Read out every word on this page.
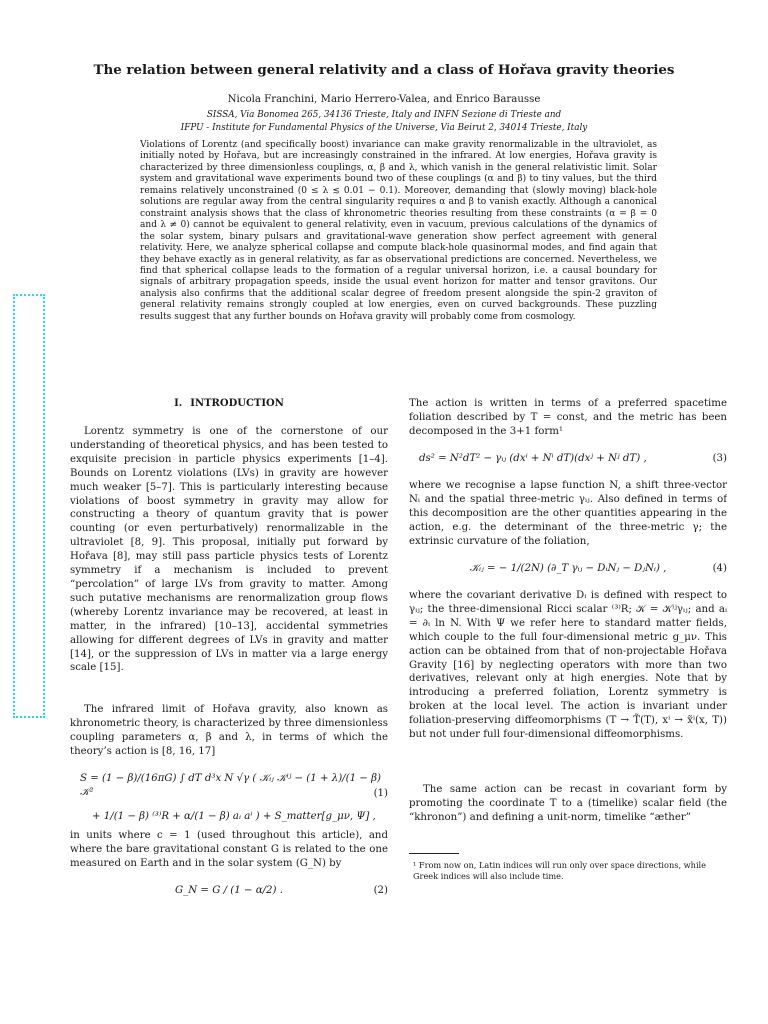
The relation between general relativity and a class of Hořava gravity theories
Nicola Franchini, Mario Herrero-Valea, and Enrico Barausse
SISSA, Via Bonomea 265, 34136 Trieste, Italy and INFN Sezione di Trieste and
IFPU - Institute for Fundamental Physics of the Universe, Via Beirut 2, 34014 Trieste, Italy

Violations of Lorentz (and specifically boost) invariance can make gravity renormalizable in the ultraviolet, as initially noted by Hořava, but are increasingly constrained in the infrared. At low energies, Hořava gravity is characterized by three dimensionless couplings, α, β and λ, which vanish in the general relativistic limit. Solar system and gravitational wave experiments bound two of these couplings (α and β) to tiny values, but the third remains relatively unconstrained (0 ≤ λ ≲ 0.01 − 0.1). Moreover, demanding that (slowly moving) black-hole solutions are regular away from the central singularity requires α and β to vanish exactly. Although a canonical constraint analysis shows that the class of khronometric theories resulting from these constraints (α = β = 0 and λ ≠ 0) cannot be equivalent to general relativity, even in vacuum, previous calculations of the dynamics of the solar system, binary pulsars and gravitational-wave generation show perfect agreement with general relativity. Here, we analyze spherical collapse and compute black-hole quasinormal modes, and find again that they behave exactly as in general relativity, as far as observational predictions are concerned. Nevertheless, we find that spherical collapse leads to the formation of a regular universal horizon, i.e. a causal boundary for signals of arbitrary propagation speeds, inside the usual event horizon for matter and tensor gravitons. Our analysis also confirms that the additional scalar degree of freedom present alongside the spin-2 graviton of general relativity remains strongly coupled at low energies, even on curved backgrounds. These puzzling results suggest that any further bounds on Hořava gravity will probably come from cosmology.

I. INTRODUCTION

Lorentz symmetry is one of the cornerstone of our understanding of theoretical physics, and has been tested to exquisite precision in particle physics experiments [1–4]. Bounds on Lorentz violations (LVs) in gravity are however much weaker [5–7]. This is particularly interesting because violations of boost symmetry in gravity may allow for constructing a theory of quantum gravity that is power counting (or even perturbatively) renormalizable in the ultraviolet [8, 9]. This proposal, initially put forward by Hořava [8], may still pass particle physics tests of Lorentz symmetry if a mechanism is included to prevent “percolation” of large LVs from gravity to matter. Among such putative mechanisms are renormalization group flows (whereby Lorentz invariance may be recovered, at least in matter, in the infrared) [10–13], accidental symmetries allowing for different degrees of LVs in gravity and matter [14], or the suppression of LVs in matter via a large energy scale [15].

The infrared limit of Hořava gravity, also known as khronometric theory, is characterized by three dimensionless coupling parameters α, β and λ, in terms of which the theory’s action is [8, 16, 17]

S = (1 − β)/(16πG) ∫ dT d³x N √γ ( 𝒦ᵢⱼ 𝒦ⁱʲ − (1 + λ)/(1 − β) 𝒦²
+ 1/(1 − β) ⁽³⁾R + α/(1 − β) aᵢ aⁱ ) + S_matter[g_μν, Ψ] ,
(1)

in units where c = 1 (used throughout this article), and where the bare gravitational constant G is related to the one measured on Earth and in the solar system (G_N) by

G_N = G / (1 − α/2) .	(2)

The action is written in terms of a preferred spacetime foliation described by T = const, and the metric has been decomposed in the 3+1 form¹

ds² = N²dT² − γᵢⱼ (dxⁱ + Nⁱ dT)(dxʲ + Nʲ dT) ,	(3)

where we recognise a lapse function N, a shift three-vector Nᵢ and the spatial three-metric γᵢⱼ. Also defined in terms of this decomposition are the other quantities appearing in the action, e.g. the determinant of the three-metric γ; the extrinsic curvature of the foliation,

𝒦ᵢⱼ = − 1/(2N) (∂_T γᵢⱼ − DᵢNⱼ − DⱼNᵢ) ,	(4)

where the covariant derivative Dᵢ is defined with respect to γᵢⱼ; the three-dimensional Ricci scalar ⁽³⁾R; 𝒦 = 𝒦ⁱʲγᵢⱼ; and aᵢ = ∂ᵢ ln N. With Ψ we refer here to standard matter fields, which couple to the full four-dimensional metric g_μν. This action can be obtained from that of non-projectable Hořava Gravity [16] by neglecting operators with more than two derivatives, relevant only at high energies. Note that by introducing a preferred foliation, Lorentz symmetry is broken at the local level. The action is invariant under foliation-preserving diffeomorphisms (T → T̃(T), xⁱ → x̃ⁱ(x, T)) but not under full four-dimensional diffeomorphisms.

The same action can be recast in covariant form by promoting the coordinate T to a (timelike) scalar field (the “khronon”) and defining a unit-norm, timelike “æther”

¹ From now on, Latin indices will run only over space directions, while Greek indices will also include time.
